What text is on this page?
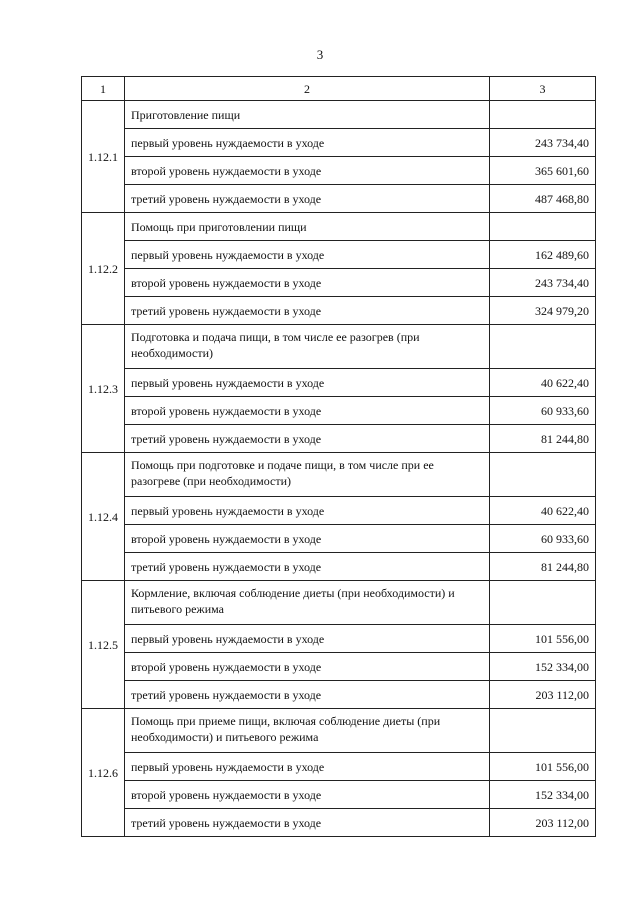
3
1	2	3
1.12.1	Приготовление пищи	
	первый уровень нуждаемости в уходе	243 734,40
	второй уровень нуждаемости в уходе	365 601,60
	третий уровень нуждаемости в уходе	487 468,80
1.12.2	Помощь при приготовлении пищи	
	первый уровень нуждаемости в уходе	162 489,60
	второй уровень нуждаемости в уходе	243 734,40
	третий уровень нуждаемости в уходе	324 979,20
1.12.3	Подготовка и подача пищи, в том числе ее разогрев (при необходимости)	
	первый уровень нуждаемости в уходе	40 622,40
	второй уровень нуждаемости в уходе	60 933,60
	третий уровень нуждаемости в уходе	81 244,80
1.12.4	Помощь при подготовке и подаче пищи, в том числе при ее разогреве (при необходимости)	
	первый уровень нуждаемости в уходе	40 622,40
	второй уровень нуждаемости в уходе	60 933,60
	третий уровень нуждаемости в уходе	81 244,80
1.12.5	Кормление, включая соблюдение диеты (при необходимости) и питьевого режима	
	первый уровень нуждаемости в уходе	101 556,00
	второй уровень нуждаемости в уходе	152 334,00
	третий уровень нуждаемости в уходе	203 112,00
1.12.6	Помощь при приеме пищи, включая соблюдение диеты (при необходимости) и питьевого режима	
	первый уровень нуждаемости в уходе	101 556,00
	второй уровень нуждаемости в уходе	152 334,00
	третий уровень нуждаемости в уходе	203 112,00
